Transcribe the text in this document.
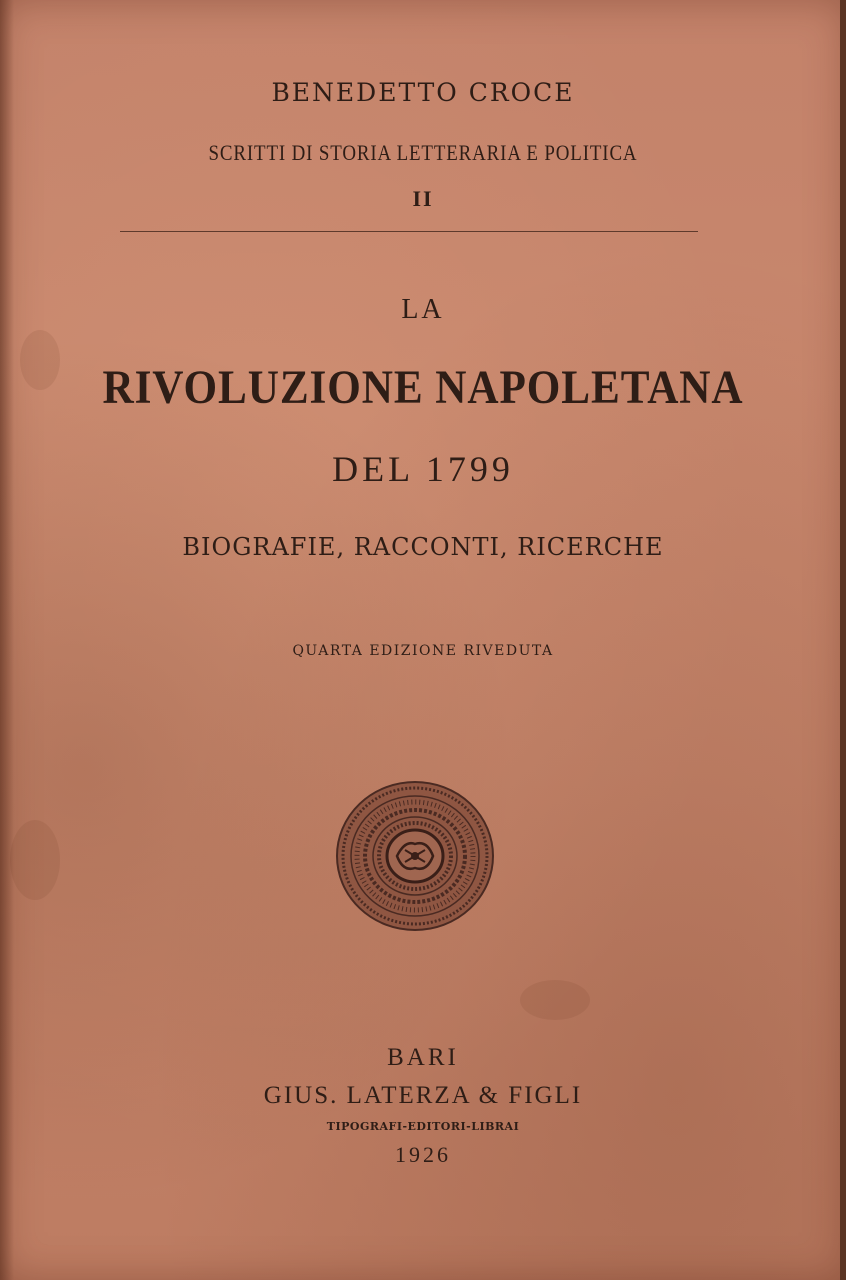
BENEDETTO CROCE
SCRITTI DI STORIA LETTERARIA E POLITICA
II
LA
RIVOLUZIONE NAPOLETANA
DEL 1799
BIOGRAFIE, RACCONTI, RICERCHE
QUARTA EDIZIONE RIVEDUTA
BARI
GIUS. LATERZA & FIGLI
TIPOGRAFI-EDITORI-LIBRAI
1926
